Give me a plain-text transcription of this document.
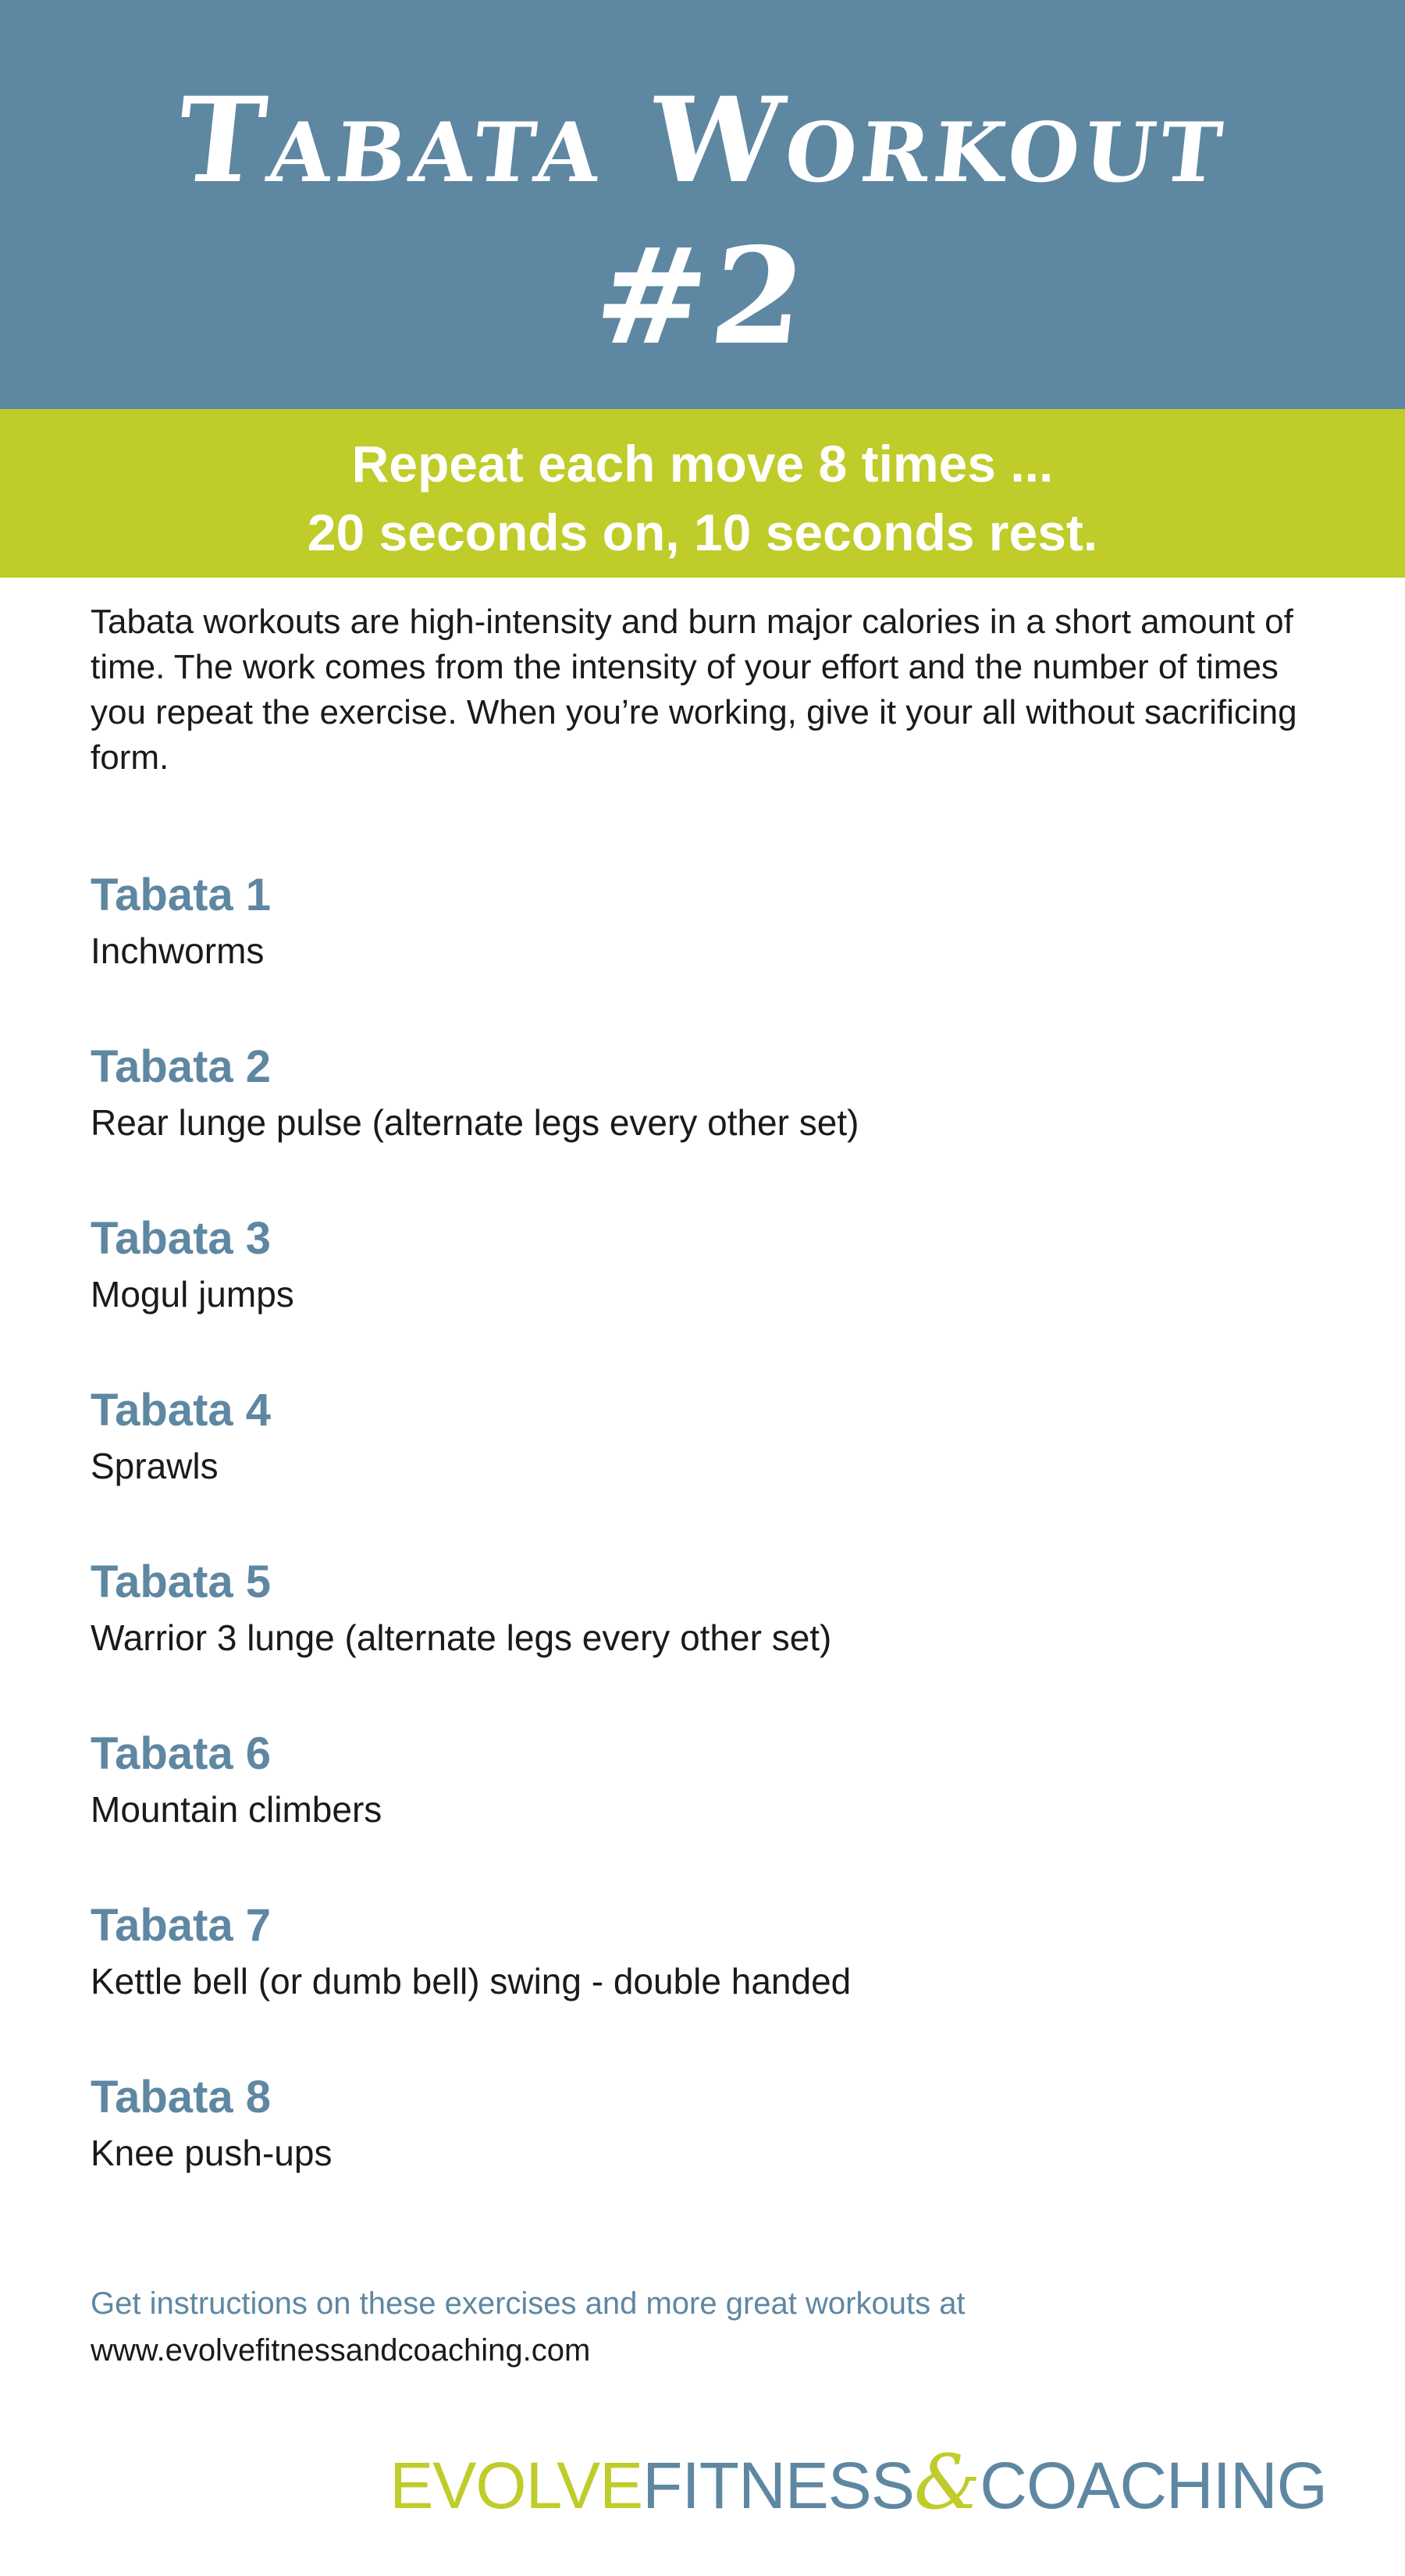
Tabata Workout
#2
Repeat each move 8 times ...
20 seconds on, 10 seconds rest.
Tabata workouts are high-intensity and burn major calories in a short amount of time. The work comes from the intensity of your effort and the number of times you repeat the exercise. When you’re working, give it your all without sacrificing form.
Tabata 1
Inchworms
Tabata 2
Rear lunge pulse (alternate legs every other set)
Tabata 3
Mogul jumps
Tabata 4
Sprawls
Tabata 5
Warrior 3 lunge (alternate legs every other set)
Tabata 6
Mountain climbers
Tabata 7
Kettle bell (or dumb bell) swing - double handed
Tabata 8
Knee push-ups
Get instructions on these exercises and more great workouts at
www.evolvefitnessandcoaching.com
EVOLVEFITNESS&COACHING
